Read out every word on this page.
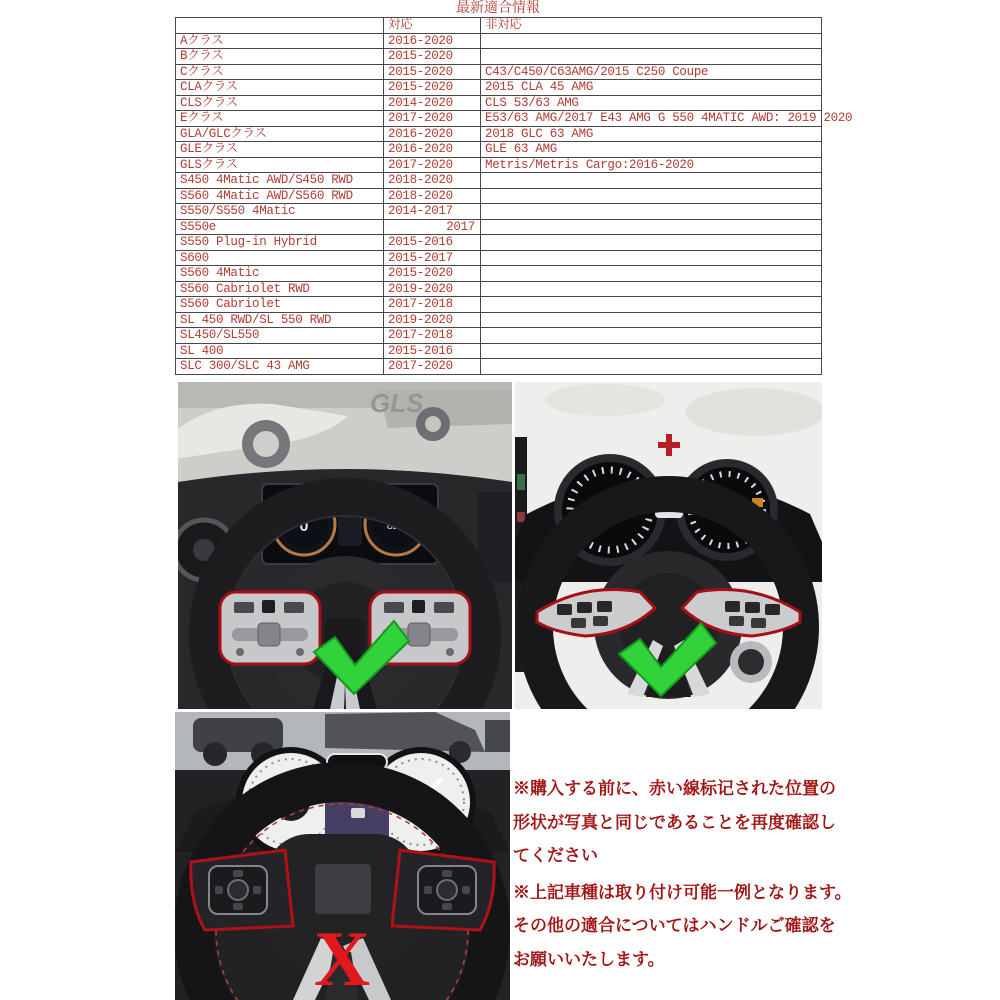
最新適合情報
	対応	非対応
Aクラス	2016-2020	
Bクラス	2015-2020	
Cクラス	2015-2020	C43/C450/C63AMG/2015 C250 Coupe
CLAクラス	2015-2020	2015 CLA 45 AMG
CLSクラス	2014-2020	CLS 53/63 AMG
Eクラス	2017-2020	E53/63 AMG/2017 E43 AMG G 550 4MATIC AWD: 2019 2020
GLA/GLCクラス	2016-2020	2018 GLC 63 AMG
GLEクラス	2016-2020	GLE 63 AMG
GLSクラス	2017-2020	Metris/Metris Cargo:2016-2020
S450 4Matic AWD/S450 RWD	2018-2020	
S560 4Matic AWD/S560 RWD	2018-2020	
S550/S550 4Matic	2014-2017	
S550e	2017	
S550 Plug-in Hybrid	2015-2016	
S600	2015-2017	
S560 4Matic	2015-2020	
S560 Cabriolet RWD	2019-2020	
S560 Cabriolet	2017-2018	
SL 450 RWD/SL 550 RWD	2019-2020	
SL450/SL550	2017-2018	
SL 400	2015-2016	
SLC 300/SLC 43 AMG	2017-2020	
GLS
0	820
X
※購入する前に、赤い線标记された位置の
形状が写真と同じであることを再度確認し
てください
※上記車種は取り付け可能一例となります。
その他の適合についてはハンドルご確認を
お願いいたします。
